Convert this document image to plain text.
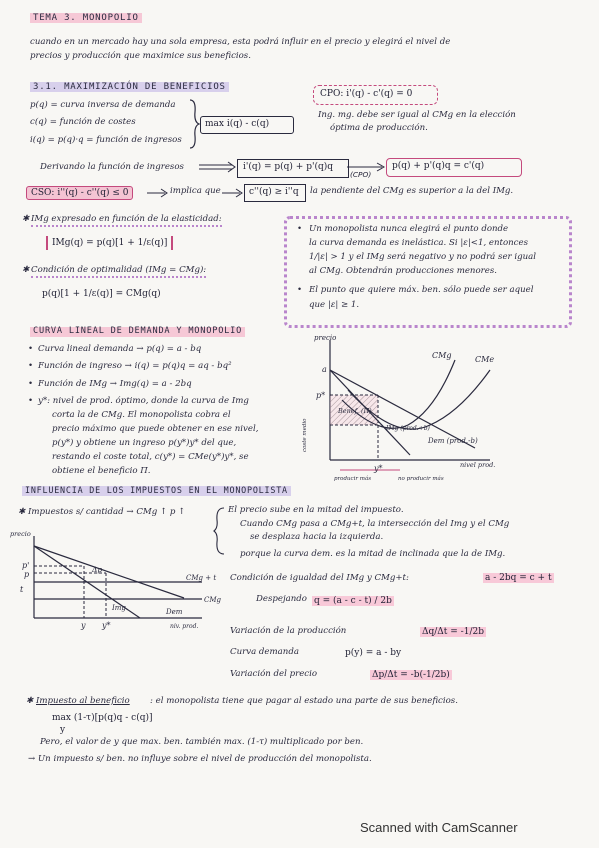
TEMA 3. MONOPOLIO
cuando en un mercado hay una sola empresa, esta podrá influir en el precio y elegirá el nivel de
precios y producción que maximice sus beneficios.
3.1. MAXIMIZACIÓN DE BENEFICIOS
p(q) = curva inversa de demanda
c(q) = función de costes
i(q) = p(q)·q = función de ingresos
max i(q) - c(q)
CPO: i'(q) - c'(q) = 0
Ing. mg. debe ser igual al CMg en la elección
óptima de producción.
Derivando la función de ingresos	i'(q) = p(q) + p'(q)q
(CPO)
p(q) + p'(q)q = c'(q)
CSO: i''(q) - c''(q) ≤ 0	implica que	c''(q) ≥ i''q la pendiente del CMg es superior a la del IMg.
✱ IMg expresado en función de la elasticidad:
IMg(q) = p(q)[1 + 1/ε(q)]
✱ Condición de optimalidad (IMg = CMg):
p(q)[1 + 1/ε(q)] = CMg(q)
• Un monopolista nunca elegirá el punto donde
la curva demanda es inelástica. Si |ε|<1, entonces
1/|ε| > 1 y el IMg será negativo y no podrá ser igual
al CMg. Obtendrán producciones menores.
• El punto que quiere máx. ben. sólo puede ser aquel
que |ε| ≥ 1.
CURVA LINEAL DE DEMANDA Y MONOPOLIO
• Curva lineal demanda → p(q) = a - bq
• Función de ingreso → i(q) = p(q)q = aq - bq²
• Función de IMg → Img(q) = a - 2bq
• y*: nivel de prod. óptimo, donde la curva de Img
corta la de CMg. El monopolista cobra el
precio máximo que puede obtener en ese nivel,
p(y*) y obtiene un ingreso p(y*)y* del que,
restando el coste total, c(y*) = CMe(y*)y*, se
obtiene el beneficio Π.
precio
CMg	CMe
a
p*
Benef. (Π)
IMg (prod.+b)
Dem (prod.-b)
y*	nivel prod.
coste medio
producir más	no producir más
INFLUENCIA DE LOS IMPUESTOS EN EL MONOPOLISTA
✱ Impuestos s/ cantidad → CMg ↑ p ↑	El precio sube en la mitad del impuesto.
Cuando CMg pasa a CMg+t, la intersección del Img y el CMg
se desplaza hacia la izquierda.
porque la curva dem. es la mitad de inclinada que la de IMg.
precio
p'
p
t
Δp
CMg + t
CMg
Img	Dem
y y*	niv. prod.
Condición de igualdad del IMg y CMg+t:	a - 2bq = c + t
Despejando q = (a - c - t) / 2b
Variación de la producción	Δq/Δt = -1/2b
Curva demanda	p(y) = a - by
Variación del precio	Δp/Δt = -b(-1/2b)
✱ Impuesto al beneficio : el monopolista tiene que pagar al estado una parte de sus beneficios.
max (1-τ)[p(q)q - c(q)]
y
Pero, el valor de y que max. ben. también max. (1-τ) multiplicado por ben.
→ Un impuesto s/ ben. no influye sobre el nivel de producción del monopolista.
Scanned with CamScanner
